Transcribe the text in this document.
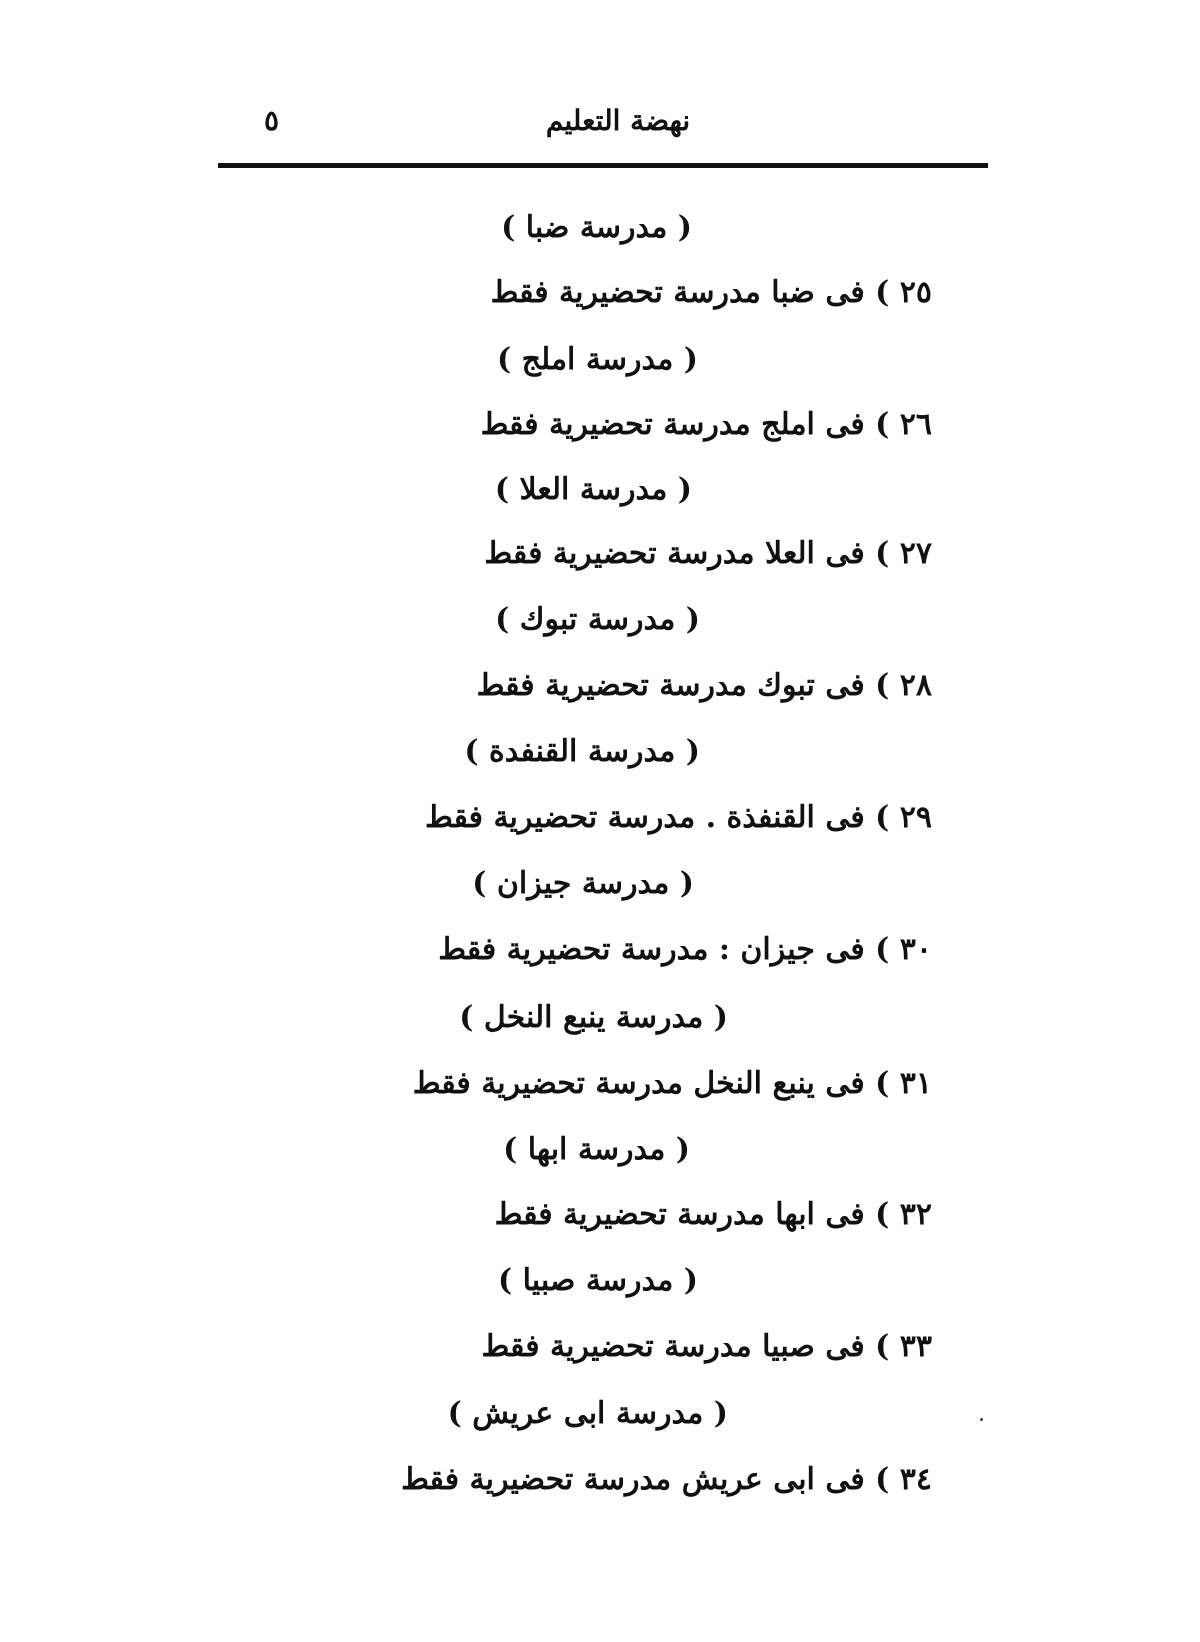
٥	نهضة التعليم
( مدرسة ضبا )
٢٥ ) فى ضبا مدرسة تحضيرية فقط
( مدرسة املج )
٢٦ ) فى املج مدرسة تحضيرية فقط
( مدرسة العلا )
٢٧ ) فى العلا مدرسة تحضيرية فقط
( مدرسة تبوك )
٢٨ ) فى تبوك مدرسة تحضيرية فقط
( مدرسة القنفدة )
٢٩ ) فى القنفذة . مدرسة تحضيرية فقط
( مدرسة جيزان )
٣٠ ) فى جيزان : مدرسة تحضيرية فقط
( مدرسة ينبع النخل )
٣١ ) فى ينبع النخل مدرسة تحضيرية فقط
( مدرسة ابها )
٣٢ ) فى ابها مدرسة تحضيرية فقط
( مدرسة صبيا )
٣٣ ) فى صبيا مدرسة تحضيرية فقط
( مدرسة ابى عريش )
٣٤ ) فى ابى عريش مدرسة تحضيرية فقط
